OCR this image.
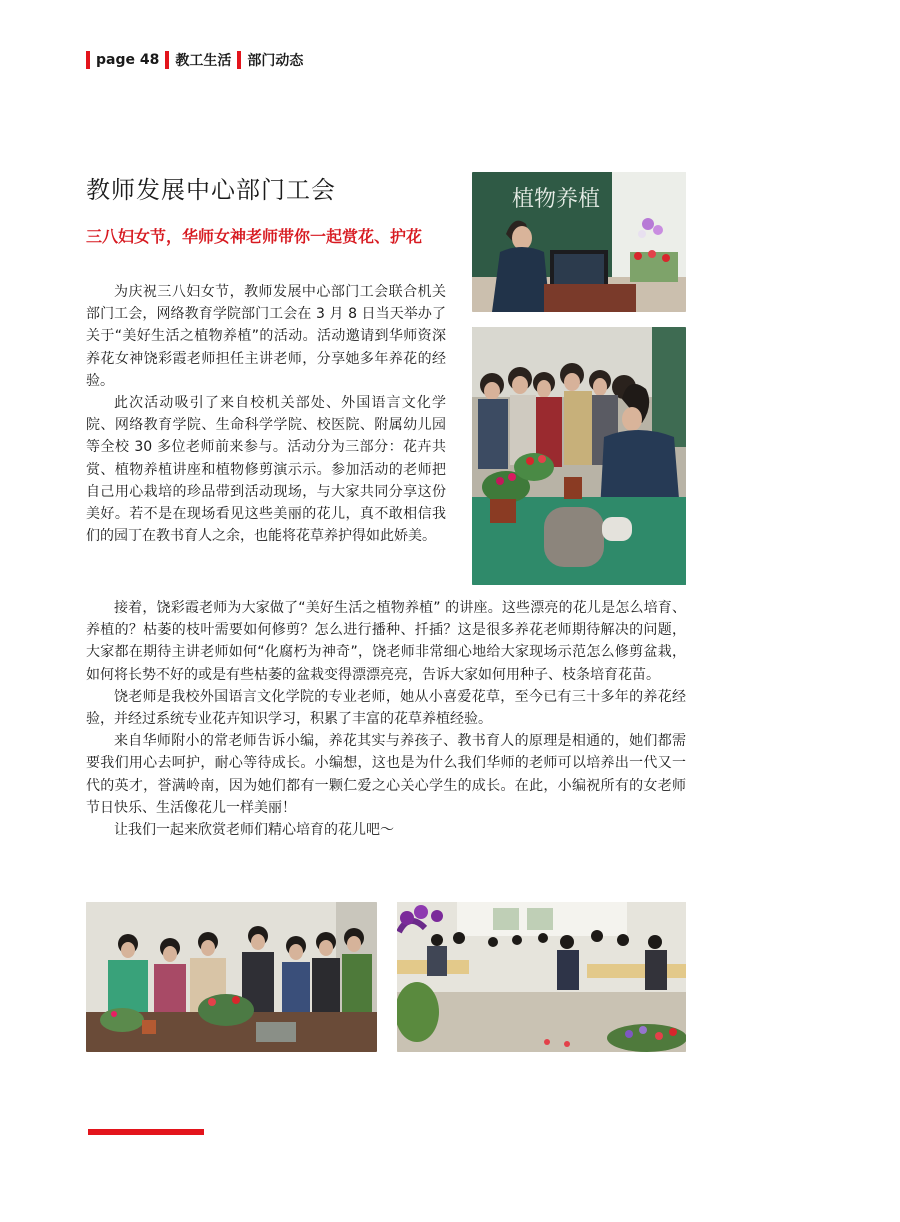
page 48 教工生活 部门动态
教师发展中心部门工会
三八妇女节，华师女神老师带你一起赏花、护花

为庆祝三八妇女节，教师发展中心部门工会联合机关部门工会，网络教育学院部门工会在 3 月 8 日当天举办了关于“美好生活之植物养植”的活动。活动邀请到华师资深养花女神饶彩霞老师担任主讲老师，分享她多年养花的经验。

此次活动吸引了来自校机关部处、外国语言文化学院、网络教育学院、生命科学学院、校医院、附属幼儿园等全校 30 多位老师前来参与。活动分为三部分：花卉共赏、植物养植讲座和植物修剪演示示。参加活动的老师把自己用心栽培的珍品带到活动现场，与大家共同分享这份美好。若不是在现场看见这些美丽的花儿，真不敢相信我们的园丁在教书育人之余，也能将花草养护得如此娇美。

接着，饶彩霞老师为大家做了“美好生活之植物养植” 的讲座。这些漂亮的花儿是怎么培育、养植的？枯萎的枝叶需要如何修剪？怎么进行播种、扦插？这是很多养花老师期待解决的问题，大家都在期待主讲老师如何“化腐朽为神奇”，饶老师非常细心地给大家现场示范怎么修剪盆栽，如何将长势不好的或是有些枯萎的盆栽变得漂漂亮亮，告诉大家如何用种子、枝条培育花苗。

饶老师是我校外国语言文化学院的专业老师，她从小喜爱花草，至今已有三十多年的养花经验，并经过系统专业花卉知识学习，积累了丰富的花草养植经验。

来自华师附小的常老师告诉小编，养花其实与养孩子、教书育人的原理是相通的，她们都需要我们用心去呵护，耐心等待成长。小编想，这也是为什么我们华师的老师可以培养出一代又一代的英才，誉满岭南，因为她们都有一颗仁爱之心关心学生的成长。在此，小编祝所有的女老师节日快乐、生活像花儿一样美丽！

让我们一起来欣赏老师们精心培育的花儿吧～

植物养植
